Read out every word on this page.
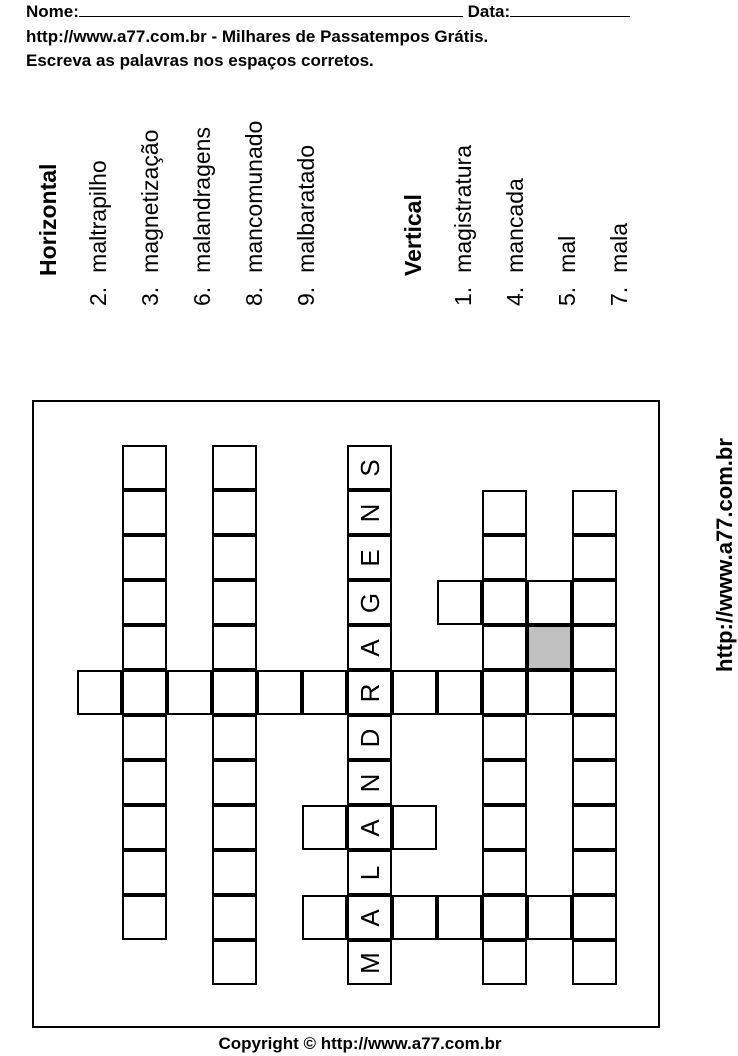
Nome:	Data:
http://www.a77.com.br - Milhares de Passatempos Grátis.
Escreva as palavras nos espaços corretos.
Horizontal
2.maltrapilho
3.magnetização
6.malandragens
8.mancomunado
9.malbaratado	Vertical
1.magistratura
4.mancada
5.mal
7.mala
S
N
E
G
A
R
D
N
A
L
A
M
http://www.a77.com.br
Copyright © http://www.a77.com.br
